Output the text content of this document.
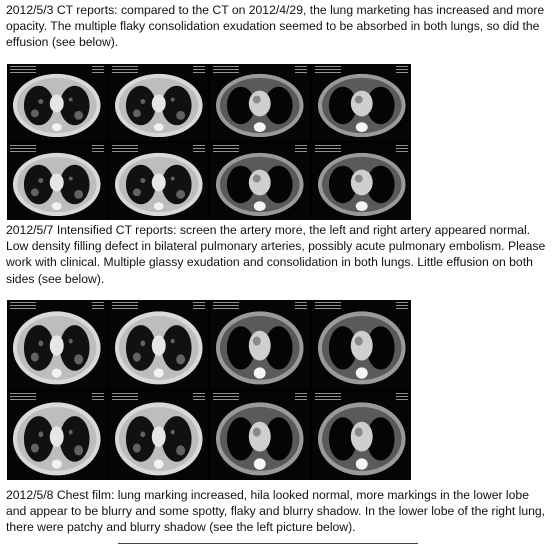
2012/5/3 CT reports: compared to the CT on 2012/4/29, the lung marketing has increased and more opacity. The multiple flaky consolidation exudation seemed to be absorbed in both lungs, so did the effusion (see below).

2012/5/7 Intensified CT reports: screen the artery more, the left and right artery appeared normal. Low density filling defect in bilateral pulmonary arteries, possibly acute pulmonary embolism. Please work with clinical. Multiple glassy exudation and consolidation in both lungs. Little effusion on both sides (see below).

2012/5/8 Chest film: lung marking increased, hila looked normal, more markings in the lower lobe and appear to be blurry and some spotty, flaky and blurry shadow. In the lower lobe of the right lung, there were patchy and blurry shadow (see the left picture below).
